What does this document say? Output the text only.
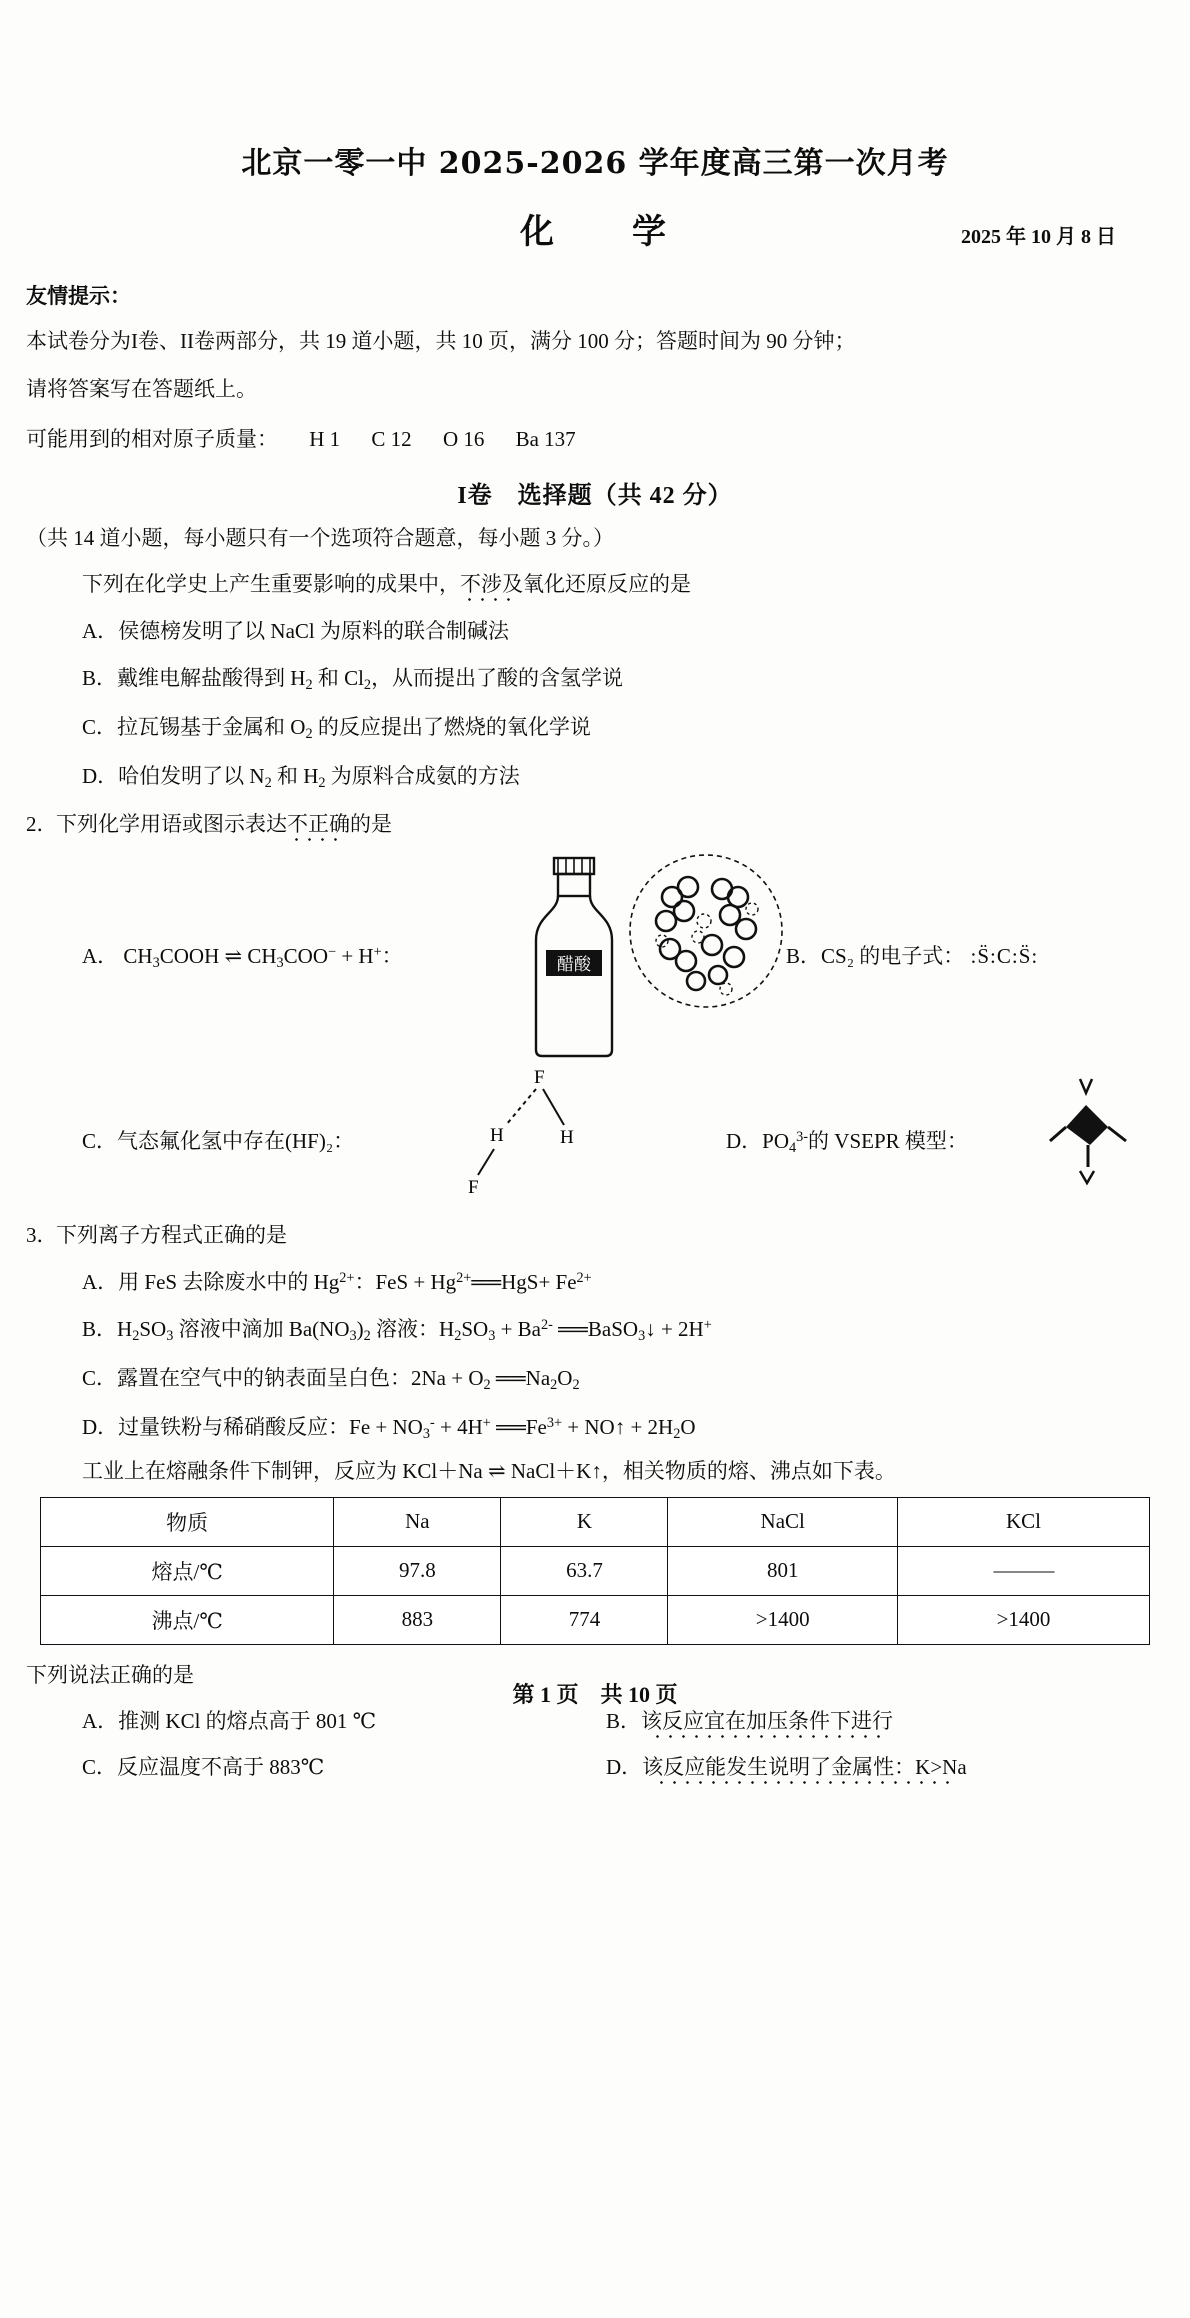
北京一零一中 2025-2026 学年度高三第一次月考
化　学	2025 年 10 月 8 日
友情提示：
本试卷分为I卷、II卷两部分，共 19 道小题，共 10 页，满分 100 分；答题时间为 90 分钟；
请将答案写在答题纸上。
可能用到的相对原子质量： H 1 C 12 O 16 Ba 137
I卷　选择题（共 42 分）
（共 14 道小题，每小题只有一个选项符合题意，每小题 3 分。）
下列在化学史上产生重要影响的成果中，不涉及氧化还原反应的是
A．侯德榜发明了以 NaCl 为原料的联合制碱法
B．戴维电解盐酸得到 $H_2$ 和 $Cl_2$，从而提出了酸的含氢学说
C．拉瓦锡基于金属和 $O_2$ 的反应提出了燃烧的氧化学说
D．哈伯发明了以 $N_2$ 和 $H_2$ 为原料合成氨的方法
2．
下列化学用语或图示表达不正确的是
醋酸
A． $CH_3COOH$ ⇌ $CH_3COO^- + H^+$：	B．CS₂ 的电子式： :S̈:C:S̈:
C．气态氟化氢中存在(HF)₂：
F
H	H
F
D．$PO_4^{3-}$的 VSEPR 模型：
3．
下列离子方程式正确的是
A．用 FeS 去除废水中的 $Hg^{2+}$：FeS + $Hg^{2+}══HgS+ Fe^{2+}$
B．$H_2SO_3$ 溶液中滴加 $Ba(NO_3)_2$ 溶液：$H_2SO_3 + Ba^{2-}$ ══BaSO$_3$↓ + 2H+
C．露置在空气中的钠表面呈白色：$2Na + O_2$ $══Na_2O_2$
D．过量铁粉与稀硝酸反应：$Fe + NO_3^- + 4H^+$ $══Fe^{3+}$ + NO↑ + $2H_2O$
工业上在熔融条件下制钾，反应为 KCl＋Na ⇌ NaCl＋K↑，相关物质的熔、沸点如下表。
物质	Na	K	NaCl	KCl
熔点/℃	97.8	63.7	801	———
沸点/℃	883	774	>1400	>1400
下列说法正确的是
A．推测 KCl 的熔点高于 801 ℃	B．该反应宜在加压条件下进行
C．反应温度不高于 883℃	D．该反应能发生说明了金属性：K>Na
第 1 页　共 10 页
